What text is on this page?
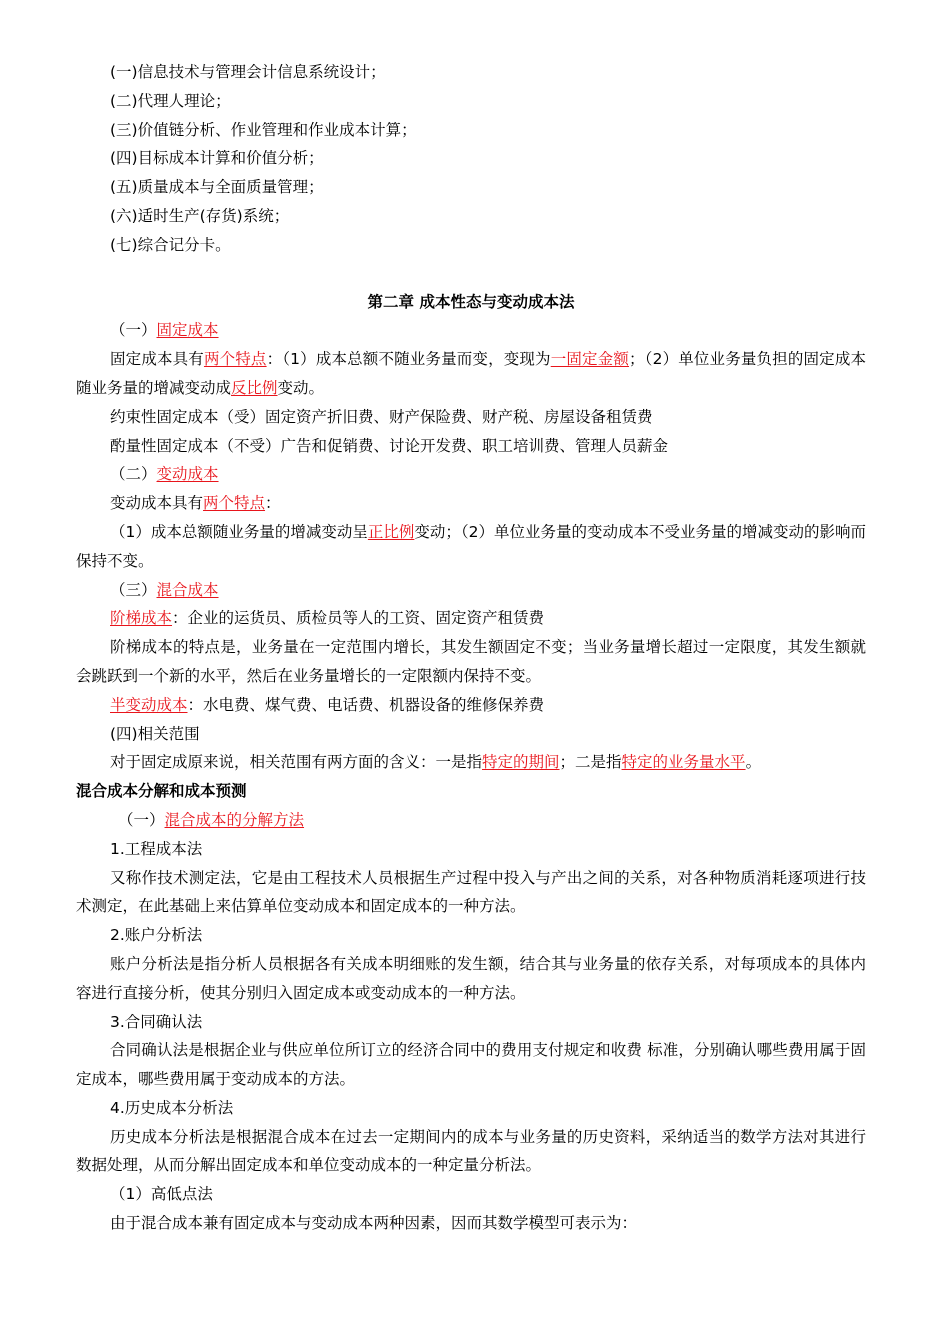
(一)信息技术与管理会计信息系统设计；
(二)代理人理论；
(三)价值链分析、作业管理和作业成本计算；
(四)目标成本计算和价值分析；
(五)质量成本与全面质量管理；
(六)适时生产(存货)系统；
(七)综合记分卡。
第二章 成本性态与变动成本法
（一）固定成本
固定成本具有两个特点：（1）成本总额不随业务量而变，变现为一固定金额；（2）单位业务量负担的固定成本随业务量的增减变动成反比例变动。
约束性固定成本（受）固定资产折旧费、财产保险费、财产税、房屋设备租赁费
酌量性固定成本（不受）广告和促销费、讨论开发费、职工培训费、管理人员薪金
（二）变动成本
变动成本具有两个特点：
（1）成本总额随业务量的增减变动呈正比例变动；（2）单位业务量的变动成本不受业务量的增减变动的影响而保持不变。
（三）混合成本
阶梯成本：企业的运货员、质检员等人的工资、固定资产租赁费
阶梯成本的特点是，业务量在一定范围内增长，其发生额固定不变；当业务量增长超过一定限度，其发生额就会跳跃到一个新的水平，然后在业务量增长的一定限额内保持不变。
半变动成本：水电费、煤气费、电话费、机器设备的维修保养费
(四)相关范围
对于固定成原来说，相关范围有两方面的含义：一是指特定的期间；二是指特定的业务量水平。
混合成本分解和成本预测
（一）混合成本的分解方法
1.工程成本法
又称作技术测定法，它是由工程技术人员根据生产过程中投入与产出之间的关系，对各种物质消耗逐项进行技术测定，在此基础上来估算单位变动成本和固定成本的一种方法。
2.账户分析法
账户分析法是指分析人员根据各有关成本明细账的发生额，结合其与业务量的依存关系，对每项成本的具体内容进行直接分析，使其分别归入固定成本或变动成本的一种方法。
3.合同确认法
合同确认法是根据企业与供应单位所订立的经济合同中的费用支付规定和收费 标准，分别确认哪些费用属于固定成本，哪些费用属于变动成本的方法。
4.历史成本分析法
历史成本分析法是根据混合成本在过去一定期间内的成本与业务量的历史资料，采纳适当的数学方法对其进行数据处理，从而分解出固定成本和单位变动成本的一种定量分析法。
（1）高低点法
由于混合成本兼有固定成本与变动成本两种因素，因而其数学模型可表示为：
